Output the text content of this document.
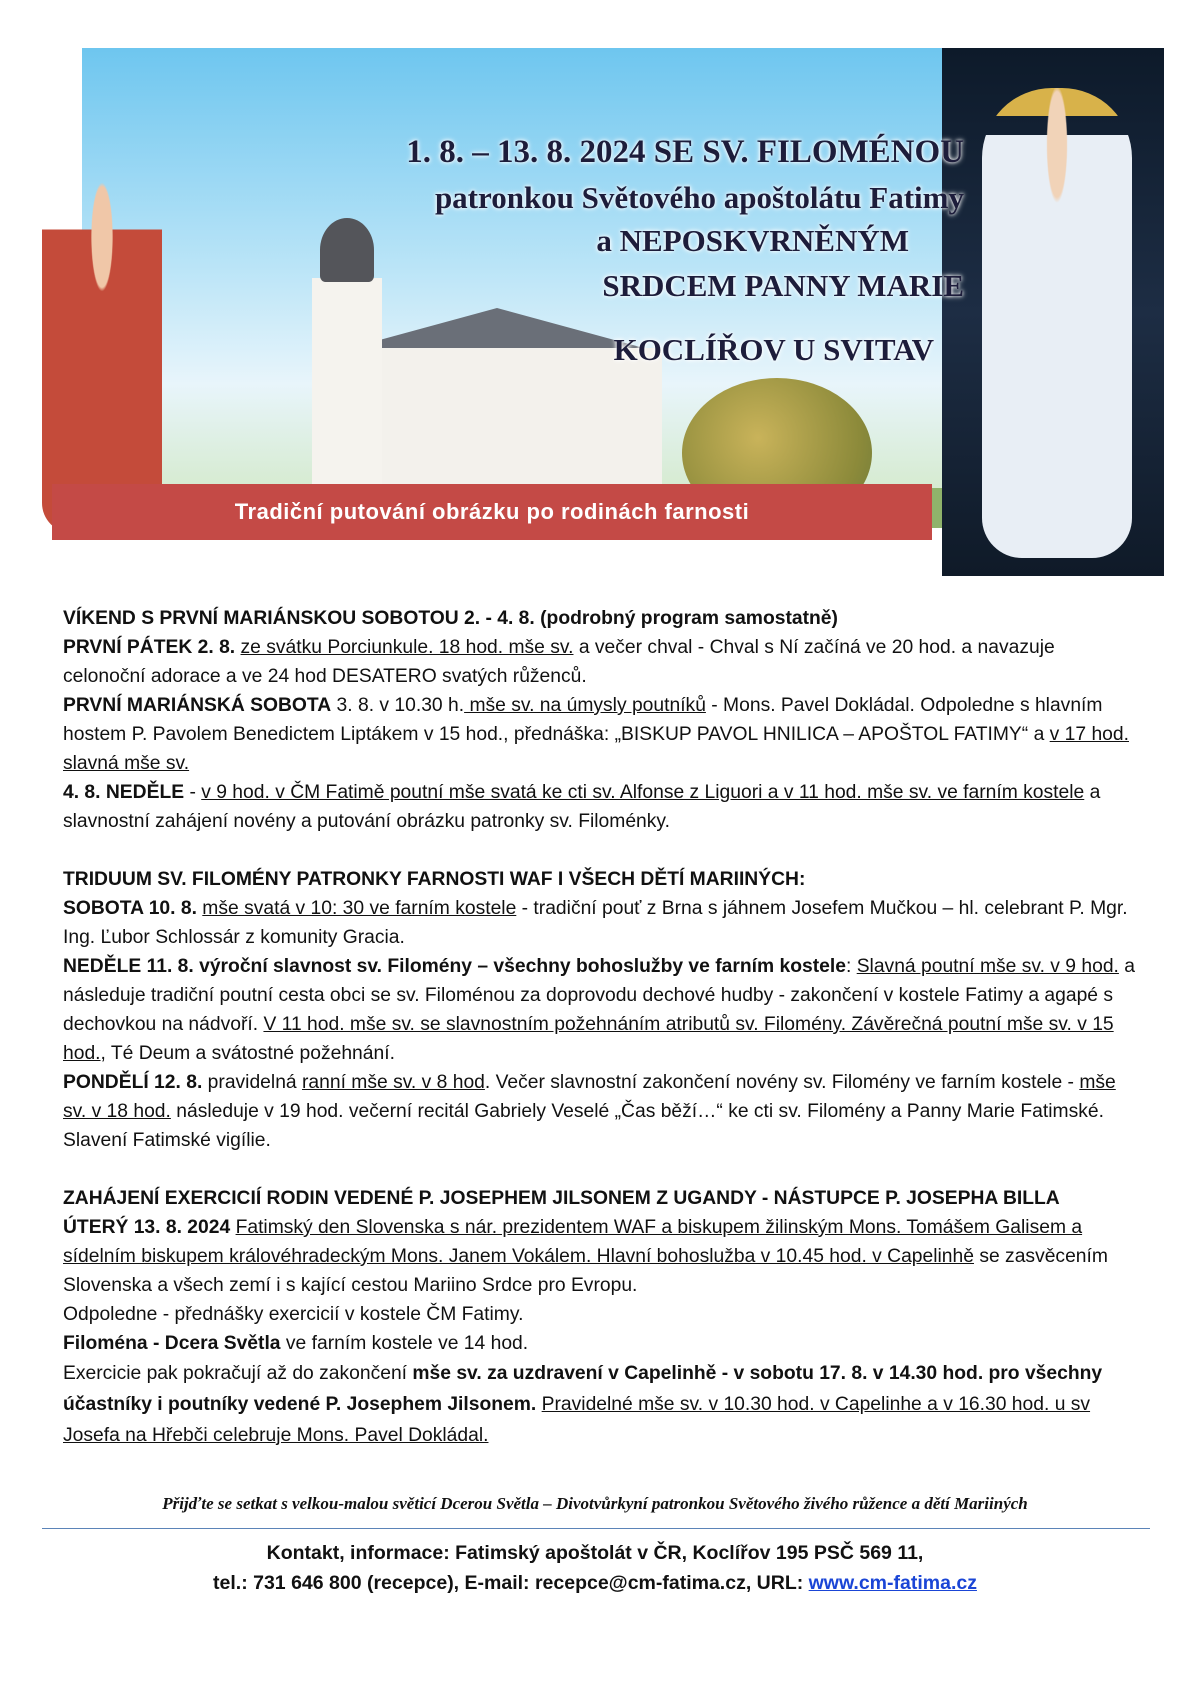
1. 8. – 13. 8. 2024 SE SV. FILOMÉNOU
patronkou Světového apoštolátu Fatimy
a NEPOSKVRNĚNÝM
SRDCEM PANNY MARIE
KOCLÍŘOV U SVITAV
Tradiční putování obrázku po rodinách farnosti

VÍKEND S PRVNÍ MARIÁNSKOU SOBOTOU 2. - 4. 8. (podrobný program samostatně)

PRVNÍ PÁTEK 2. 8. ze svátku Porciunkule. 18 hod. mše sv. a večer chval - Chval s Ní začíná ve 20 hod. a navazuje celonoční adorace a ve 24 hod DESATERO svatých růženců.

PRVNÍ MARIÁNSKÁ SOBOTA 3. 8. v 10.30 h. mše sv. na úmysly poutníků - Mons. Pavel Dokládal. Odpoledne s hlavním hostem P. Pavolem Benedictem Liptákem v 15 hod., přednáška: „BISKUP PAVOL HNILICA – APOŠTOL FATIMY“ a v 17 hod. slavná mše sv.

4. 8. NEDĚLE - v 9 hod. v ČM Fatimě poutní mše svatá ke cti sv. Alfonse z Liguori a v 11 hod. mše sv. ve farním kostele a slavnostní zahájení novény a putování obrázku patronky sv. Filoménky.

TRIDUUM SV. FILOMÉNY PATRONKY FARNOSTI WAF I VŠECH DĚTÍ MARIINÝCH:

SOBOTA 10. 8. mše svatá v 10: 30 ve farním kostele - tradiční pouť z Brna s jáhnem Josefem Mučkou – hl. celebrant P. Mgr. Ing. Ľubor Schlossár z komunity Gracia.

NEDĚLE 11. 8. výroční slavnost sv. Filomény – všechny bohoslužby ve farním kostele: Slavná poutní mše sv. v 9 hod. a následuje tradiční poutní cesta obci se sv. Filoménou za doprovodu dechové hudby - zakončení v kostele Fatimy a agapé s dechovkou na nádvoří. V 11 hod. mše sv. se slavnostním požehnáním atributů sv. Filomény. Závěrečná poutní mše sv. v 15 hod., Té Deum a svátostné požehnání.

PONDĚLÍ 12. 8. pravidelná ranní mše sv. v 8 hod. Večer slavnostní zakončení novény sv. Filomény ve farním kostele - mše sv. v 18 hod. následuje v 19 hod. večerní recitál Gabriely Veselé „Čas běží…“ ke cti sv. Filomény a Panny Marie Fatimské. Slavení Fatimské vigílie.

ZAHÁJENÍ EXERCICIÍ RODIN VEDENÉ P. JOSEPHEM JILSONEM Z UGANDY - NÁSTUPCE P. JOSEPHA BILLA

ÚTERÝ 13. 8. 2024 Fatimský den Slovenska s nár. prezidentem WAF a biskupem žilinským Mons. Tomášem Galisem a sídelním biskupem královéhradeckým Mons. Janem Vokálem. Hlavní bohoslužba v 10.45 hod. v Capelinhě se zasvěcením Slovenska a všech zemí i s kající cestou Mariino Srdce pro Evropu.

Odpoledne - přednášky exercicií v kostele ČM Fatimy.

Filoména - Dcera Světla ve farním kostele ve 14 hod.

Exercicie pak pokračují až do zakončení mše sv. za uzdravení v Capelinhě - v sobotu 17. 8. v 14.30 hod. pro všechny účastníky i poutníky vedené P. Josephem Jilsonem. Pravidelné mše sv. v 10.30 hod. v Capelinhe a v 16.30 hod. u sv Josefa na Hřebči celebruje Mons. Pavel Dokládal.

Přijďte se setkat s velkou-malou světicí Dcerou Světla – Divotvůrkyní patronkou Světového živého růžence a dětí Mariiných
Kontakt, informace: Fatimský apoštolát v ČR, Koclířov 195 PSČ 569 11,
tel.: 731 646 800 (recepce), E-mail: recepce@cm-fatima.cz, URL: www.cm-fatima.cz
